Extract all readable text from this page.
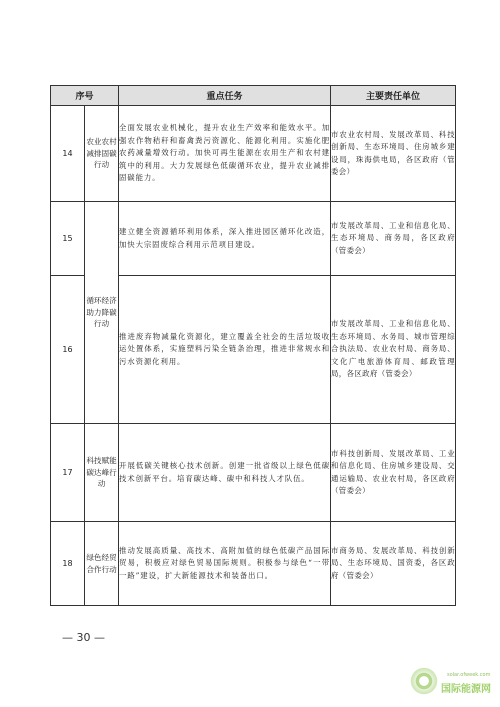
序号		重点任务	主要责任单位
14	农业农村减排固碳行动	全面发展农业机械化，提升农业生产效率和能效水平。加强农作物秸秆和畜禽粪污资源化、能源化利用。实施化肥农药减量增效行动。加快可再生能源在农用生产和农村建筑中的利用。大力发展绿色低碳循环农业，提升农业减排固碳能力。	市农业农村局、发展改革局、科技创新局、生态环境局、住房城乡建设局，珠海供电局，各区政府（管委会）
15	循环经济助力降碳行动	建立健全资源循环利用体系，深入推进园区循环化改造，加快大宗固废综合利用示范项目建设。	市发展改革局、工业和信息化局、生态环境局、商务局，各区政府（管委会）
16		推进废弃物减量化资源化，建立覆盖全社会的生活垃圾收运处置体系，实施塑料污染全链条治理，推进非常规水和污水资源化利用。	市发展改革局、工业和信息化局、生态环境局、水务局、城市管理综合执法局、农业农村局、商务局、文化广电旅游体育局、邮政管理局，各区政府（管委会）
17	科技赋能碳达峰行动	开展低碳关键核心技术创新。创建一批省级以上绿色低碳技术创新平台。培育碳达峰、碳中和科技人才队伍。	市科技创新局、发展改革局、工业和信息化局、住房城乡建设局、交通运输局、农业农村局，各区政府（管委会）
18	绿色经贸合作行动	推动发展高质量、高技术、高附加值的绿色低碳产品国际贸易，积极应对绿色贸易国际规则。积极参与绿色“一带一路”建设，扩大新能源技术和装备出口。	市商务局、发展改革局、科技创新局、生态环境局、国资委，各区政府（管委会）
— 30 —
solar.ofweek.com
国际能源网
